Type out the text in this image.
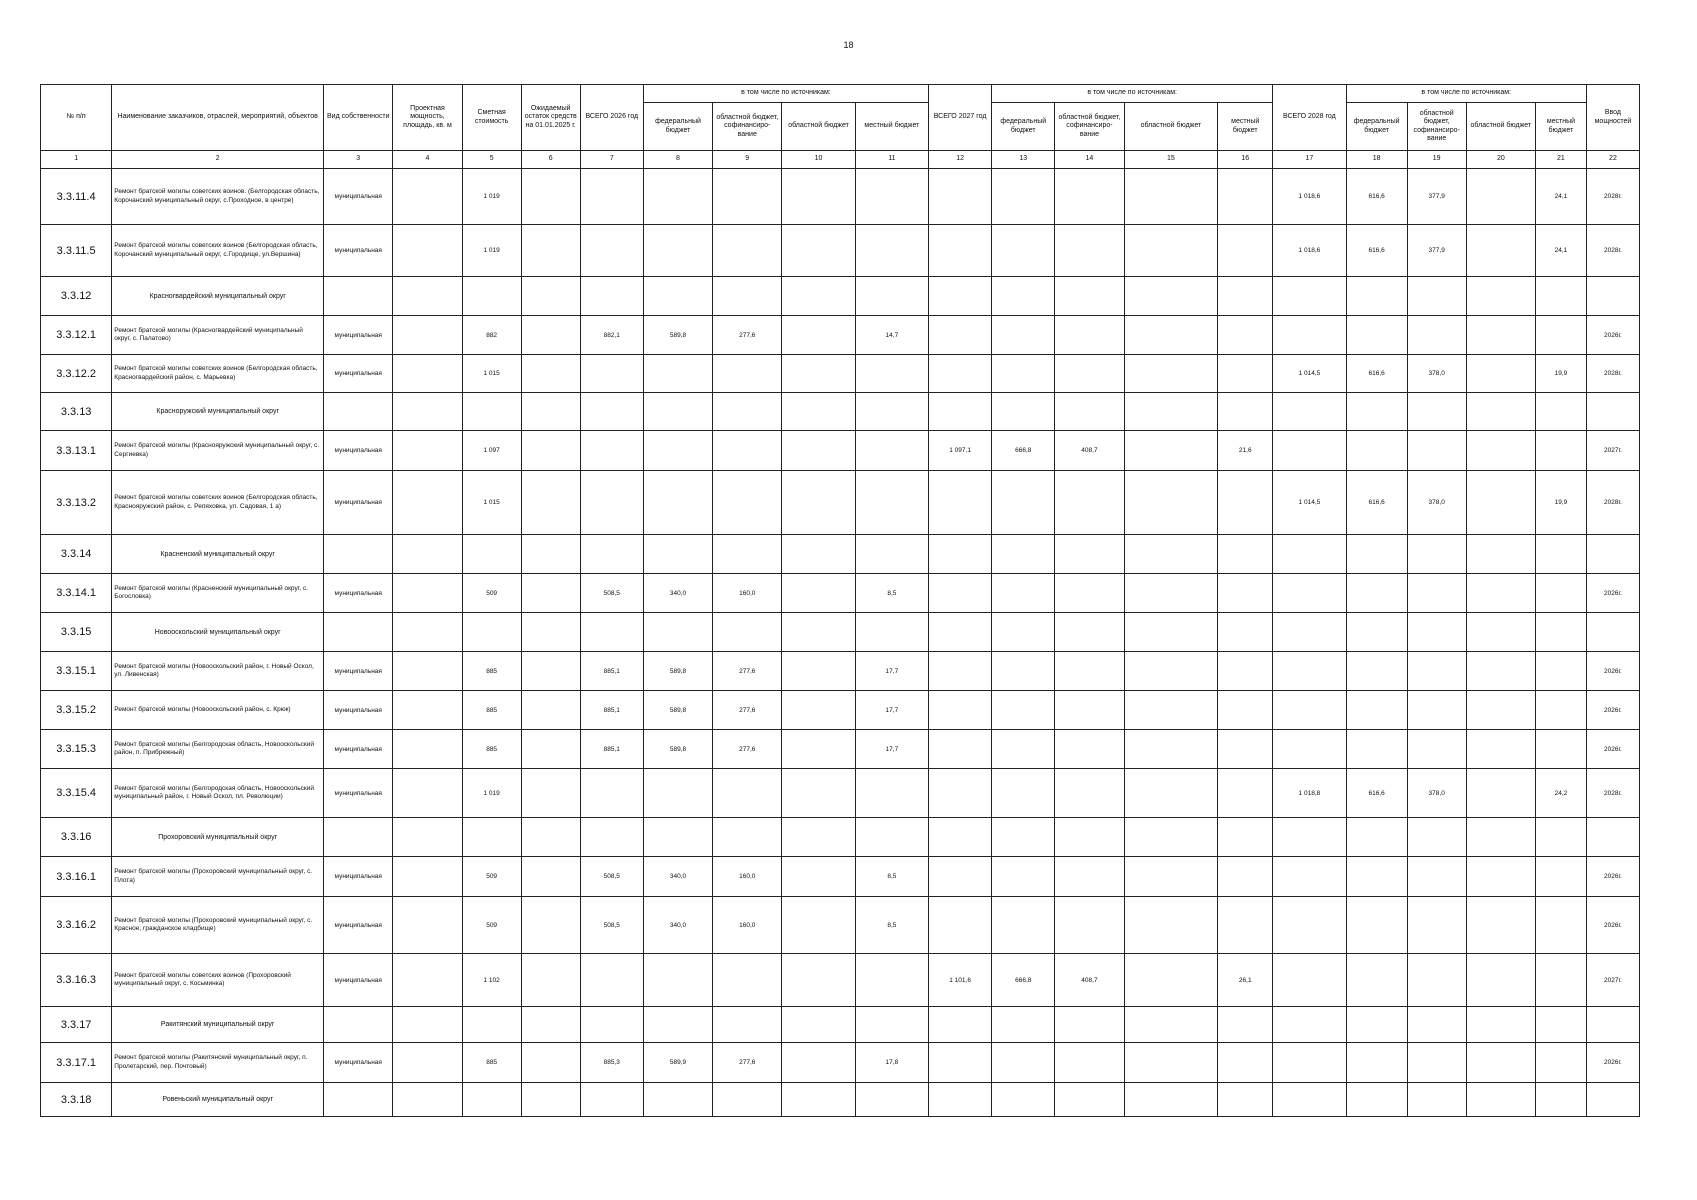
18
№ п/п	Наименование заказчиков, отраслей, мероприятий, объектов	Вид собственности	Проектная мощность, площадь, кв. м	Сметная стоимость	Ожидаемый остаток средств на 01.01.2025 г.	ВСЕГО 2026 год	в том числе по источникам:				ВСЕГО 2027 год	в том числе по источникам:				ВСЕГО 2028 год	в том числе по источникам:				Ввод мощностей
							федеральный бюджет	областной бюджет, софинансиро-вание	областной бюджет	местный бюджет		федеральный бюджет	областной бюджет, софинансиро-вание	областной бюджет	местный бюджет		федеральный бюджет	областной бюджет, софинансиро-вание	областной бюджет	местный бюджет	
1	2	3	4	5	6	7	8	9	10	11	12	13	14	15	16	17	18	19	20	21	22
3.3.11.4	Ремонт братской могилы советских воинов. (Белгородская область, Корочанский муниципальный округ, с.Проходное, в центре)	муниципальная		1 019												1 018,6	616,6	377,9		24,1	2028г.
3.3.11.5	Ремонт братской могилы советских воинов (Белгородская область, Корочанский муниципальный округ, с.Городище, ул.Вершина)	муниципальная		1 019												1 018,6	616,6	377,9		24,1	2028г.
3.3.12	Красногвардейский муниципальный округ																				
3.3.12.1	Ремонт братской могилы (Красногвардейский муниципальный округ, с. Палатово)	муниципальная		882		882,1	589,8	277,6		14,7											2026г.
3.3.12.2	Ремонт братской могилы советских воинов (Белгородская область, Красногвардейский район, с. Марьевка)	муниципальная		1 015												1 014,5	616,6	378,0		19,9	2028г.
3.3.13	Красноружский муниципальный округ																				
3.3.13.1	Ремонт братской могилы (Краснояружский муниципальный округ, с. Сергиевка)	муниципальная		1 097							1 097,1	666,8	408,7		21,6						2027г.
3.3.13.2	Ремонт братской могилы советских воинов (Белгородская область, Краснояружский район, с. Репяховка, ул. Садовая, 1 а)	муниципальная		1 015												1 014,5	616,6	378,0		19,9	2028г.
3.3.14	Красненский муниципальный округ																				
3.3.14.1	Ремонт братской могилы (Красненский муниципальный округ, с. Богословка)	муниципальная		509		508,5	340,0	160,0		8,5											2026г.
3.3.15	Новооскольский муниципальный округ																				
3.3.15.1	Ремонт братской могилы (Новооскольский район, г. Новый Оскол, ул. Ливенская)	муниципальная		885		885,1	589,8	277,6		17,7											2026г.
3.3.15.2	Ремонт братской могилы (Новооскольский район, с. Крюк)	муниципальная		885		885,1	589,8	277,6		17,7											2026г.
3.3.15.3	Ремонт братской могилы (Белгородская область, Новооскольский район, п. Прибрежный)	муниципальная		885		885,1	589,8	277,6		17,7											2026г.
3.3.15.4	Ремонт братской могилы (Белгородская область, Новооскольский муниципальный район, г. Новый Оскол, пл. Революции)	муниципальная		1 019												1 018,8	616,6	378,0		24,2	2028г.
3.3.16	Прохоровский муниципальный округ																				
3.3.16.1	Ремонт братской могилы (Прохоровский муниципальный округ, с. Плота)	муниципальная		509		508,5	340,0	160,0		8,5											2026г.
3.3.16.2	Ремонт братской могилы (Прохоровский муниципальный округ, с. Красное, гражданское кладбище)	муниципальная		509		508,5	340,0	160,0		8,5											2026г.
3.3.16.3	Ремонт братской могилы советских воинов (Прохоровский муниципальный округ, с. Косьминка)	муниципальная		1 102							1 101,6	666,8	408,7		26,1						2027г.
3.3.17	Ракитянский муниципальный округ																				
3.3.17.1	Ремонт братской могилы (Ракитянский муниципальный округ, п. Пролетарский, пер. Почтовый)	муниципальная		885		885,3	589,9	277,6		17,8											2026г.
3.3.18	Ровеньский муниципальный округ																				
